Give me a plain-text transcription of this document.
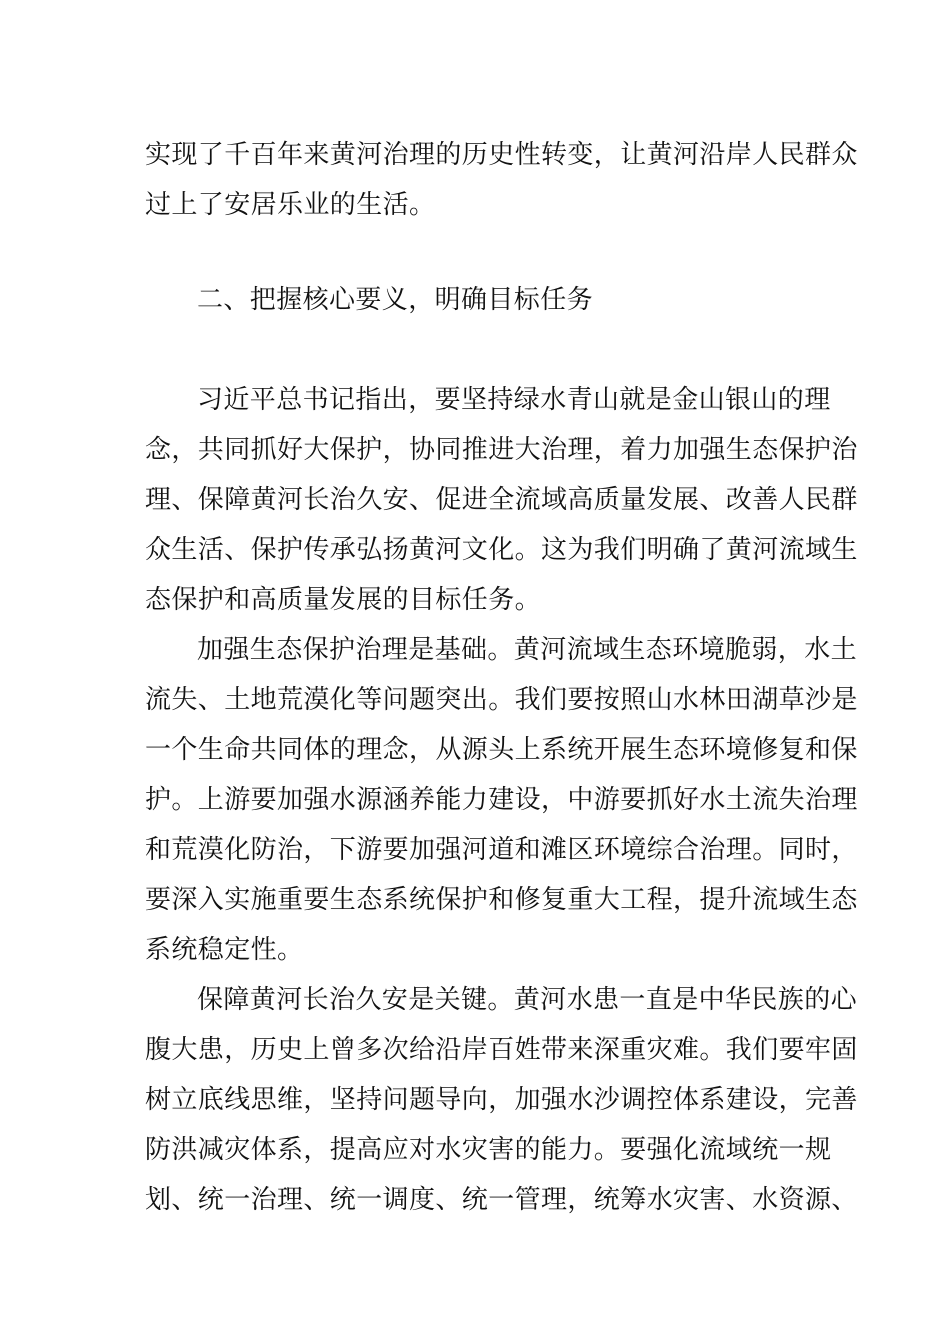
实现了千百年来黄河治理的历史性转变，让黄河沿岸人民群众
过上了安居乐业的生活。
二、把握核心要义，明确目标任务
习近平总书记指出，要坚持绿水青山就是金山银山的理
念，共同抓好大保护，协同推进大治理，着力加强生态保护治
理、保障黄河长治久安、促进全流域高质量发展、改善人民群
众生活、保护传承弘扬黄河文化。这为我们明确了黄河流域生
态保护和高质量发展的目标任务。
加强生态保护治理是基础。黄河流域生态环境脆弱，水土
流失、土地荒漠化等问题突出。我们要按照山水林田湖草沙是
一个生命共同体的理念，从源头上系统开展生态环境修复和保
护。上游要加强水源涵养能力建设，中游要抓好水土流失治理
和荒漠化防治，下游要加强河道和滩区环境综合治理。同时，
要深入实施重要生态系统保护和修复重大工程，提升流域生态
系统稳定性。
保障黄河长治久安是关键。黄河水患一直是中华民族的心
腹大患，历史上曾多次给沿岸百姓带来深重灾难。我们要牢固
树立底线思维，坚持问题导向，加强水沙调控体系建设，完善
防洪减灾体系，提高应对水灾害的能力。要强化流域统一规
划、统一治理、统一调度、统一管理，统筹水灾害、水资源、
